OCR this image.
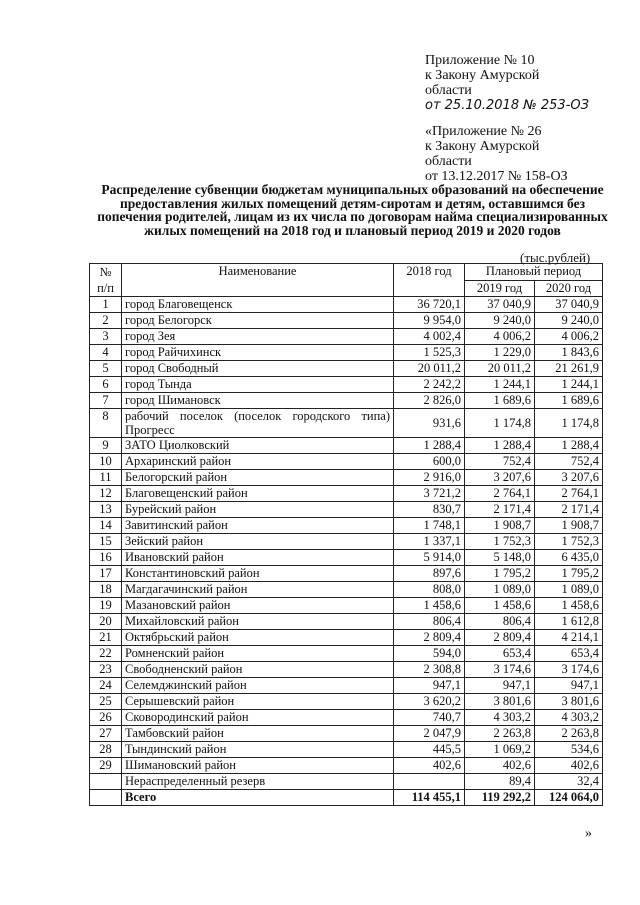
Приложение № 10
к Закону Амурской
области
от 25.10.2018 № 253-ОЗ
«Приложение № 26
к Закону Амурской
области
от 13.12.2017 № 158-ОЗ
Распределение субвенции бюджетам муниципальных образований на обеспечение предоставления жилых помещений детям-сиротам и детям, оставшимся без попечения родителей, лицам из их числа по договорам найма специализированных жилых помещений на 2018 год и плановый период 2019 и 2020 годов
(тыс.рублей)
№ п/п	Наименование	2018 год	Плановый период	
			2019 год	2020 год
1	город Благовещенск	36 720,1	37 040,9	37 040,9
2	город Белогорск	9 954,0	9 240,0	9 240,0
3	город Зея	4 002,4	4 006,2	4 006,2
4	город Райчихинск	1 525,3	1 229,0	1 843,6
5	город Свободный	20 011,2	20 011,2	21 261,9
6	город Тында	2 242,2	1 244,1	1 244,1
7	город Шимановск	2 826,0	1 689,6	1 689,6
8	рабочий поселок (поселок городского типа) Прогресс	931,6	1 174,8	1 174,8
9	ЗАТО Циолковский	1 288,4	1 288,4	1 288,4
10	Архаринский район	600,0	752,4	752,4
11	Белогорский район	2 916,0	3 207,6	3 207,6
12	Благовещенский район	3 721,2	2 764,1	2 764,1
13	Бурейский район	830,7	2 171,4	2 171,4
14	Завитинский район	1 748,1	1 908,7	1 908,7
15	Зейский район	1 337,1	1 752,3	1 752,3
16	Ивановский район	5 914,0	5 148,0	6 435,0
17	Константиновский район	897,6	1 795,2	1 795,2
18	Магдагачинский район	808,0	1 089,0	1 089,0
19	Мазановский район	1 458,6	1 458,6	1 458,6
20	Михайловский район	806,4	806,4	1 612,8
21	Октябрьский район	2 809,4	2 809,4	4 214,1
22	Ромненский район	594,0	653,4	653,4
23	Свободненский район	2 308,8	3 174,6	3 174,6
24	Селемджинский район	947,1	947,1	947,1
25	Серышевский район	3 620,2	3 801,6	3 801,6
26	Сковородинский район	740,7	4 303,2	4 303,2
27	Тамбовский район	2 047,9	2 263,8	2 263,8
28	Тындинский район	445,5	1 069,2	534,6
29	Шимановский район	402,6	402,6	402,6
	Нераспределенный резерв		89,4	32,4
	Всего	114 455,1	119 292,2	124 064,0
»
